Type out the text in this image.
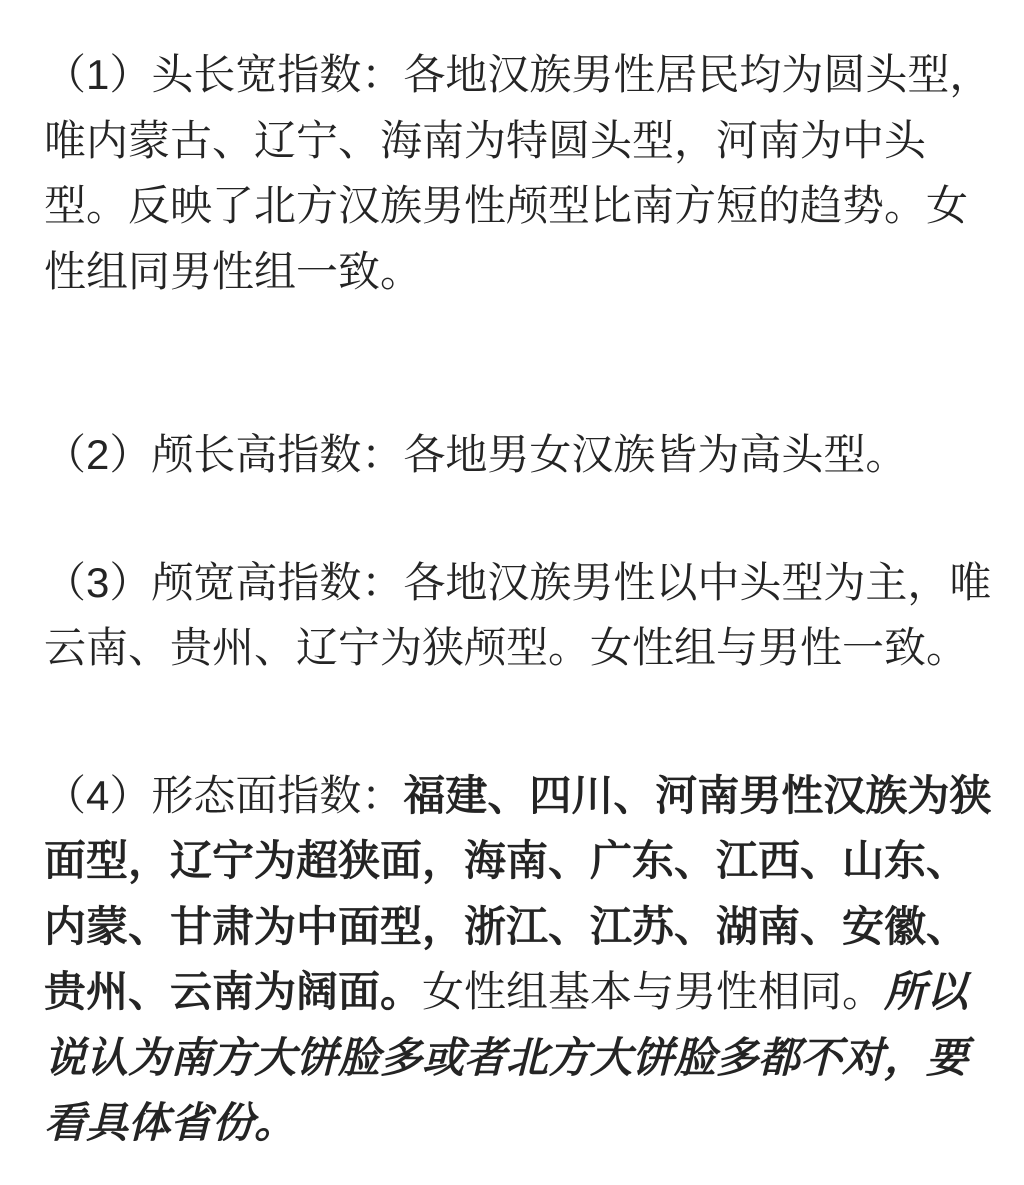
（1）头长宽指数：各地汉族男性居民均为圆头型，
唯内蒙古、辽宁、海南为特圆头型，河南为中头
型。反映了北方汉族男性颅型比南方短的趋势。女
性组同男性组一致。
（2）颅长高指数：各地男女汉族皆为高头型。
（3）颅宽高指数：各地汉族男性以中头型为主，唯
云南、贵州、辽宁为狭颅型。女性组与男性一致。
（4）形态面指数：福建、四川、河南男性汉族为狭
面型，辽宁为超狭面，海南、广东、江西、山东、
内蒙、甘肃为中面型，浙江、江苏、湖南、安徽、
贵州、云南为阔面。女性组基本与男性相同。所以
说认为南方大饼脸多或者北方大饼脸多都不对，要
看具体省份。
